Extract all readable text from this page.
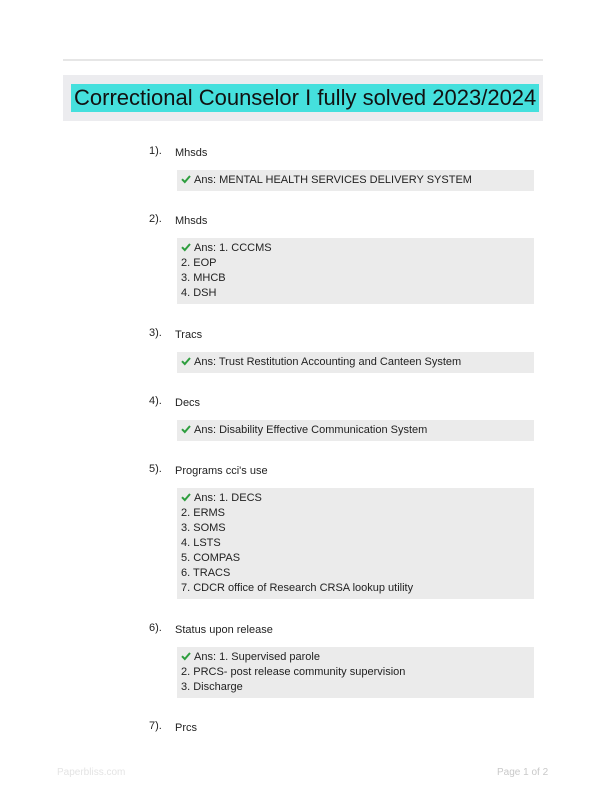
Correctional Counselor I fully solved 2023/2024
1). Mhsds
Ans: MENTAL HEALTH SERVICES DELIVERY SYSTEM
2). Mhsds
Ans: 1. CCCMS
2. EOP
3. MHCB
4. DSH
3). Tracs
Ans: Trust Restitution Accounting and Canteen System
4). Decs
Ans: Disability Effective Communication System
5). Programs cci's use
Ans: 1. DECS
2. ERMS
3. SOMS
4. LSTS
5. COMPAS
6. TRACS
7. CDCR office of Research CRSA lookup utility
6). Status upon release
Ans: 1. Supervised parole
2. PRCS- post release community supervision
3. Discharge
7). Prcs
Paperbliss.com	Page 1 of 2
